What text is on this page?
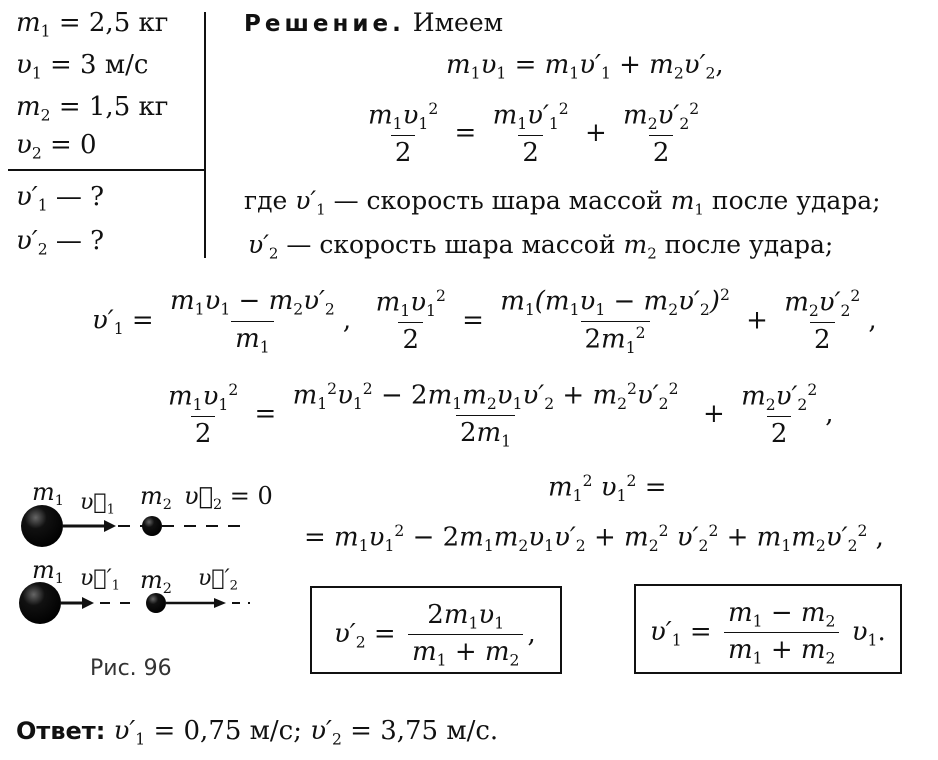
$m_1 = 2,5$ кг
$\upsilon_1 = 3$ м/с
$m_2 = 1,5$ кг
$\upsilon_2 = 0$
$\upsilon'_1$ — ?
$\upsilon'_2$ — ?
Решение. Имеем
$m_1\upsilon_1 = m_1\upsilon'_1 + m_2\upsilon'_2$,
$\frac{m_1\upsilon_1^2}{2} = \frac{m_1\upsilon'_1^2}{2} + \frac{m_2\upsilon'_2^2}{2}$
где $\upsilon'_1$ — скорость шара массой $m_1$ после удара;
$\upsilon'_2$ — скорость шара массой $m_2$ после удара;
$\upsilon'_1 = \frac{m_1\upsilon_1 - m_2\upsilon'_2}{m_1}$ , $\frac{m_1\upsilon_1^2}{2} = \frac{m_1(m_1\upsilon_1 - m_2\upsilon'_2)^2}{2m_1^2} + \frac{m_2\upsilon'_2^2}{2}$ ,
$\frac{m_1\upsilon_1^2}{2} = \frac{m_1^2\upsilon_1^2 - 2m_1m_2\upsilon_1\upsilon'_2 + m_2^2\upsilon'_2^2}{2m_1} + \frac{m_2\upsilon'_2^2}{2}$ ,
$m_1^2$ $\upsilon_1^2$ =
= $m_1\upsilon_1^2 - 2m_1m_2\upsilon_1\upsilon'_2 + m_2^2$ $\upsilon'_2^2 + m_1m_2\upsilon'_2^2$ ,
$\upsilon'_2 = \frac{2m_1\upsilon_1}{m_1 + m_2}$ ,	$\upsilon'_1 = \frac{m_1 - m_2}{m_1 + m_2} \upsilon_1$.
$m_1$ $\upsilon⃗_1$
$m_2$ $\upsilon⃗_2 = 0$
$m_1$ $\upsilon⃗'_1$ $m_2$ $\upsilon⃗'_2$
Рис. 96
Ответ: $\upsilon'_1 = 0,75$ м/с; $\upsilon'_2 = 3,75$ м/с.
